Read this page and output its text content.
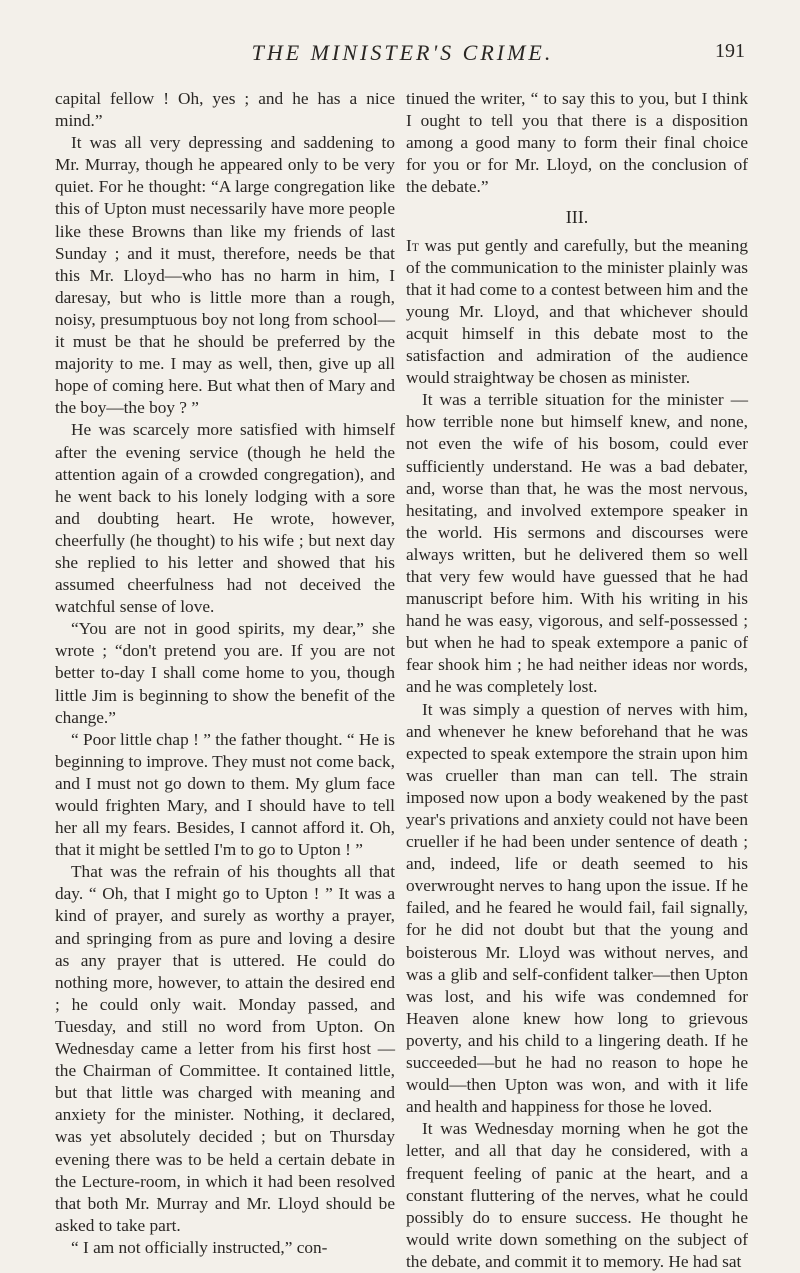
THE MINISTER'S CRIME.	191

capital fellow ! Oh, yes ; and he has a nice mind.”

It was all very depressing and saddening to Mr. Murray, though he appeared only to be very quiet. For he thought: “A large congregation like this of Upton must necessarily have more people like these Browns than like my friends of last Sunday ; and it must, therefore, needs be that this Mr. Lloyd—who has no harm in him, I daresay, but who is little more than a rough, noisy, presumptuous boy not long from school—it must be that he should be preferred by the majority to me. I may as well, then, give up all hope of coming here. But what then of Mary and the boy—the boy ? ”

He was scarcely more satisfied with himself after the evening service (though he held the attention again of a crowded congregation), and he went back to his lonely lodging with a sore and doubting heart. He wrote, however, cheerfully (he thought) to his wife ; but next day she replied to his letter and showed that his assumed cheerfulness had not deceived the watchful sense of love.

“You are not in good spirits, my dear,” she wrote ; “don't pretend you are. If you are not better to-day I shall come home to you, though little Jim is beginning to show the benefit of the change.”

“ Poor little chap ! ” the father thought. “ He is beginning to improve. They must not come back, and I must not go down to them. My glum face would frighten Mary, and I should have to tell her all my fears. Besides, I cannot afford it. Oh, that it might be settled I'm to go to Upton ! ”

That was the refrain of his thoughts all that day. “ Oh, that I might go to Upton ! ” It was a kind of prayer, and surely as worthy a prayer, and springing from as pure and loving a desire as any prayer that is uttered. He could do nothing more, however, to attain the desired end ; he could only wait. Monday passed, and Tuesday, and still no word from Upton. On Wednesday came a letter from his first host — the Chairman of Committee. It contained little, but that little was charged with meaning and anxiety for the minister. Nothing, it declared, was yet absolutely decided ; but on Thursday evening there was to be held a certain debate in the Lecture-room, in which it had been resolved that both Mr. Murray and Mr. Lloyd should be asked to take part.

“ I am not officially instructed,” con-

tinued the writer, “ to say this to you, but I think I ought to tell you that there is a disposition among a good many to form their final choice for you or for Mr. Lloyd, on the conclusion of the debate.”

III.

It was put gently and carefully, but the meaning of the communication to the minister plainly was that it had come to a contest between him and the young Mr. Lloyd, and that whichever should acquit himself in this debate most to the satisfaction and admiration of the audience would straightway be chosen as minister.

It was a terrible situation for the minister —how terrible none but himself knew, and none, not even the wife of his bosom, could ever sufficiently understand. He was a bad debater, and, worse than that, he was the most nervous, hesitating, and involved extempore speaker in the world. His sermons and discourses were always written, but he delivered them so well that very few would have guessed that he had manuscript before him. With his writing in his hand he was easy, vigorous, and self-possessed ; but when he had to speak extempore a panic of fear shook him ; he had neither ideas nor words, and he was completely lost.

It was simply a question of nerves with him, and whenever he knew beforehand that he was expected to speak extempore the strain upon him was crueller than man can tell. The strain imposed now upon a body weakened by the past year's privations and anxiety could not have been crueller if he had been under sentence of death ; and, indeed, life or death seemed to his overwrought nerves to hang upon the issue. If he failed, and he feared he would fail, fail signally, for he did not doubt but that the young and boisterous Mr. Lloyd was without nerves, and was a glib and self-confident talker—then Upton was lost, and his wife was condemned for Heaven alone knew how long to grievous poverty, and his child to a lingering death. If he succeeded—but he had no reason to hope he would—then Upton was won, and with it life and health and happiness for those he loved.

It was Wednesday morning when he got the letter, and all that day he considered, with a frequent feeling of panic at the heart, and a constant fluttering of the nerves, what he could possibly do to ensure success. He thought he would write down something on the subject of the debate, and commit it to memory. He had sat
